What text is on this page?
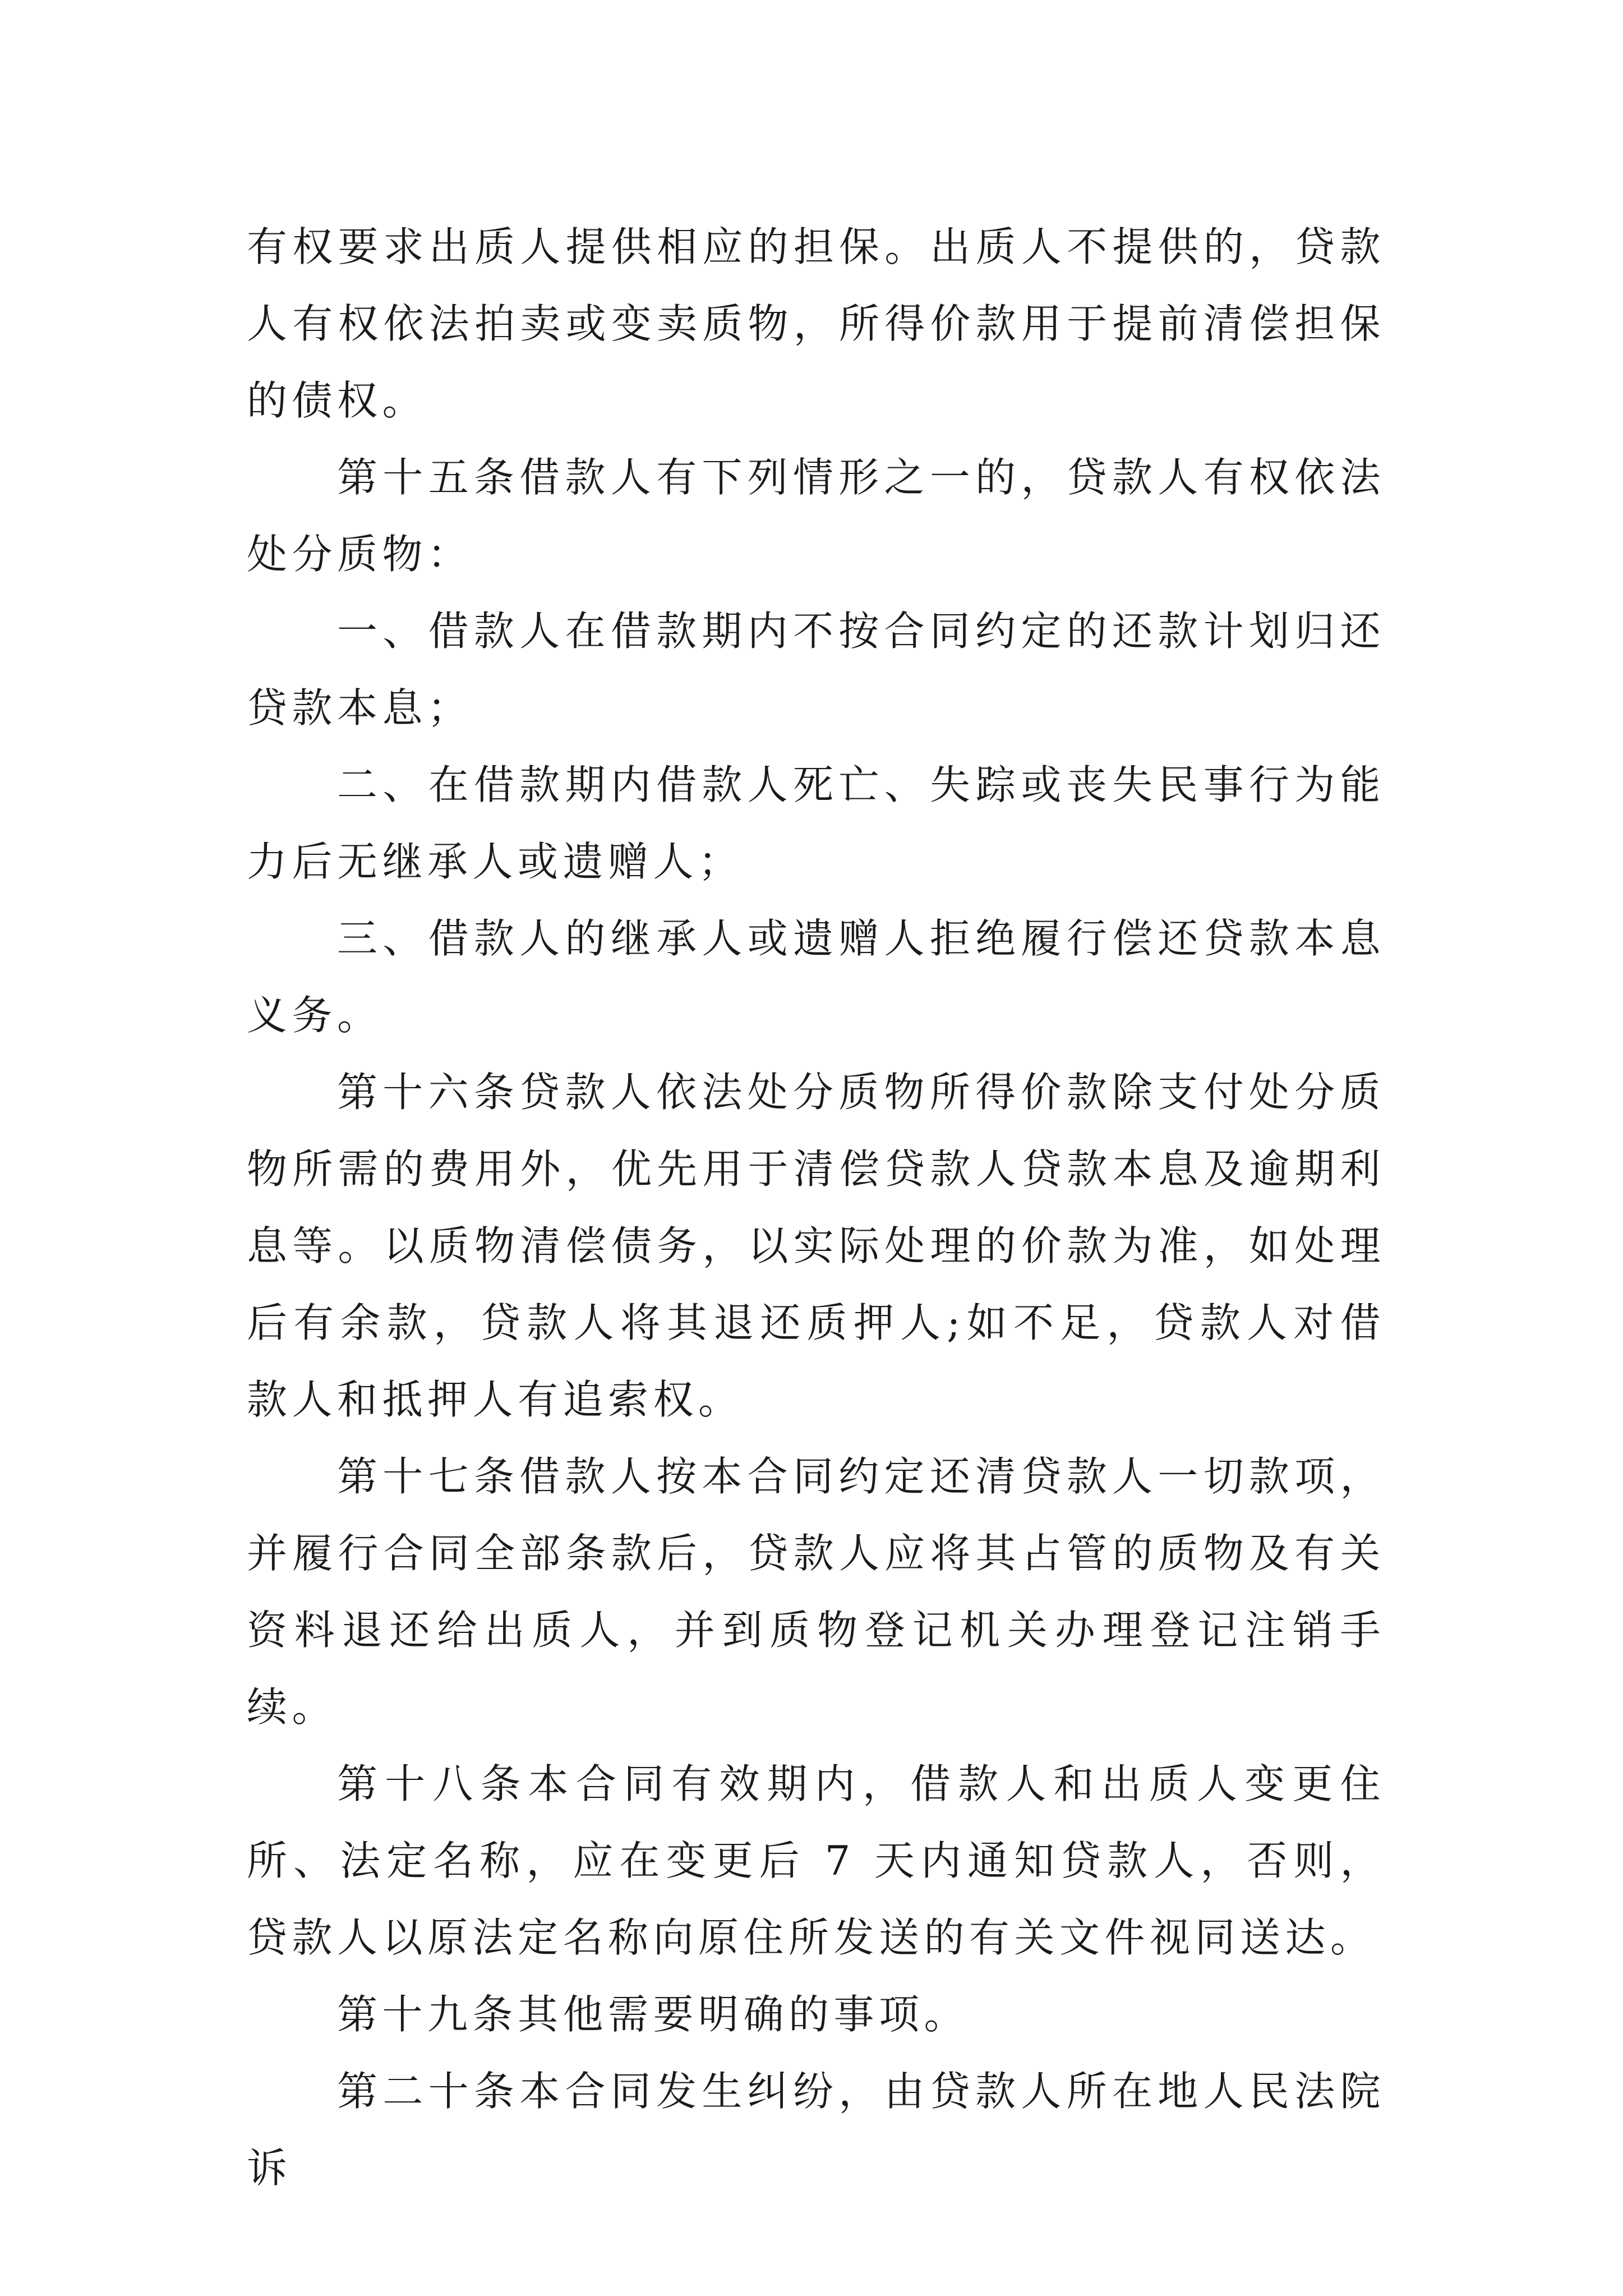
有权要求出质人提供相应的担保。出质人不提供的，贷款人有权依法拍卖或变卖质物，所得价款用于提前清偿担保的债权。

第十五条借款人有下列情形之一的，贷款人有权依法处分质物：

一、借款人在借款期内不按合同约定的还款计划归还贷款本息；

二、在借款期内借款人死亡、失踪或丧失民事行为能力后无继承人或遗赠人；

三、借款人的继承人或遗赠人拒绝履行偿还贷款本息义务。

第十六条贷款人依法处分质物所得价款除支付处分质物所需的费用外，优先用于清偿贷款人贷款本息及逾期利息等。以质物清偿债务，以实际处理的价款为准，如处理后有余款，贷款人将其退还质押人;如不足，贷款人对借款人和抵押人有追索权。

第十七条借款人按本合同约定还清贷款人一切款项，并履行合同全部条款后，贷款人应将其占管的质物及有关资料退还给出质人，并到质物登记机关办理登记注销手续。

第十八条本合同有效期内，借款人和出质人变更住所、法定名称，应在变更后 7 天内通知贷款人，否则，贷款人以原法定名称向原住所发送的有关文件视同送达。

第十九条其他需要明确的事项。

第二十条本合同发生纠纷，由贷款人所在地人民法院诉
